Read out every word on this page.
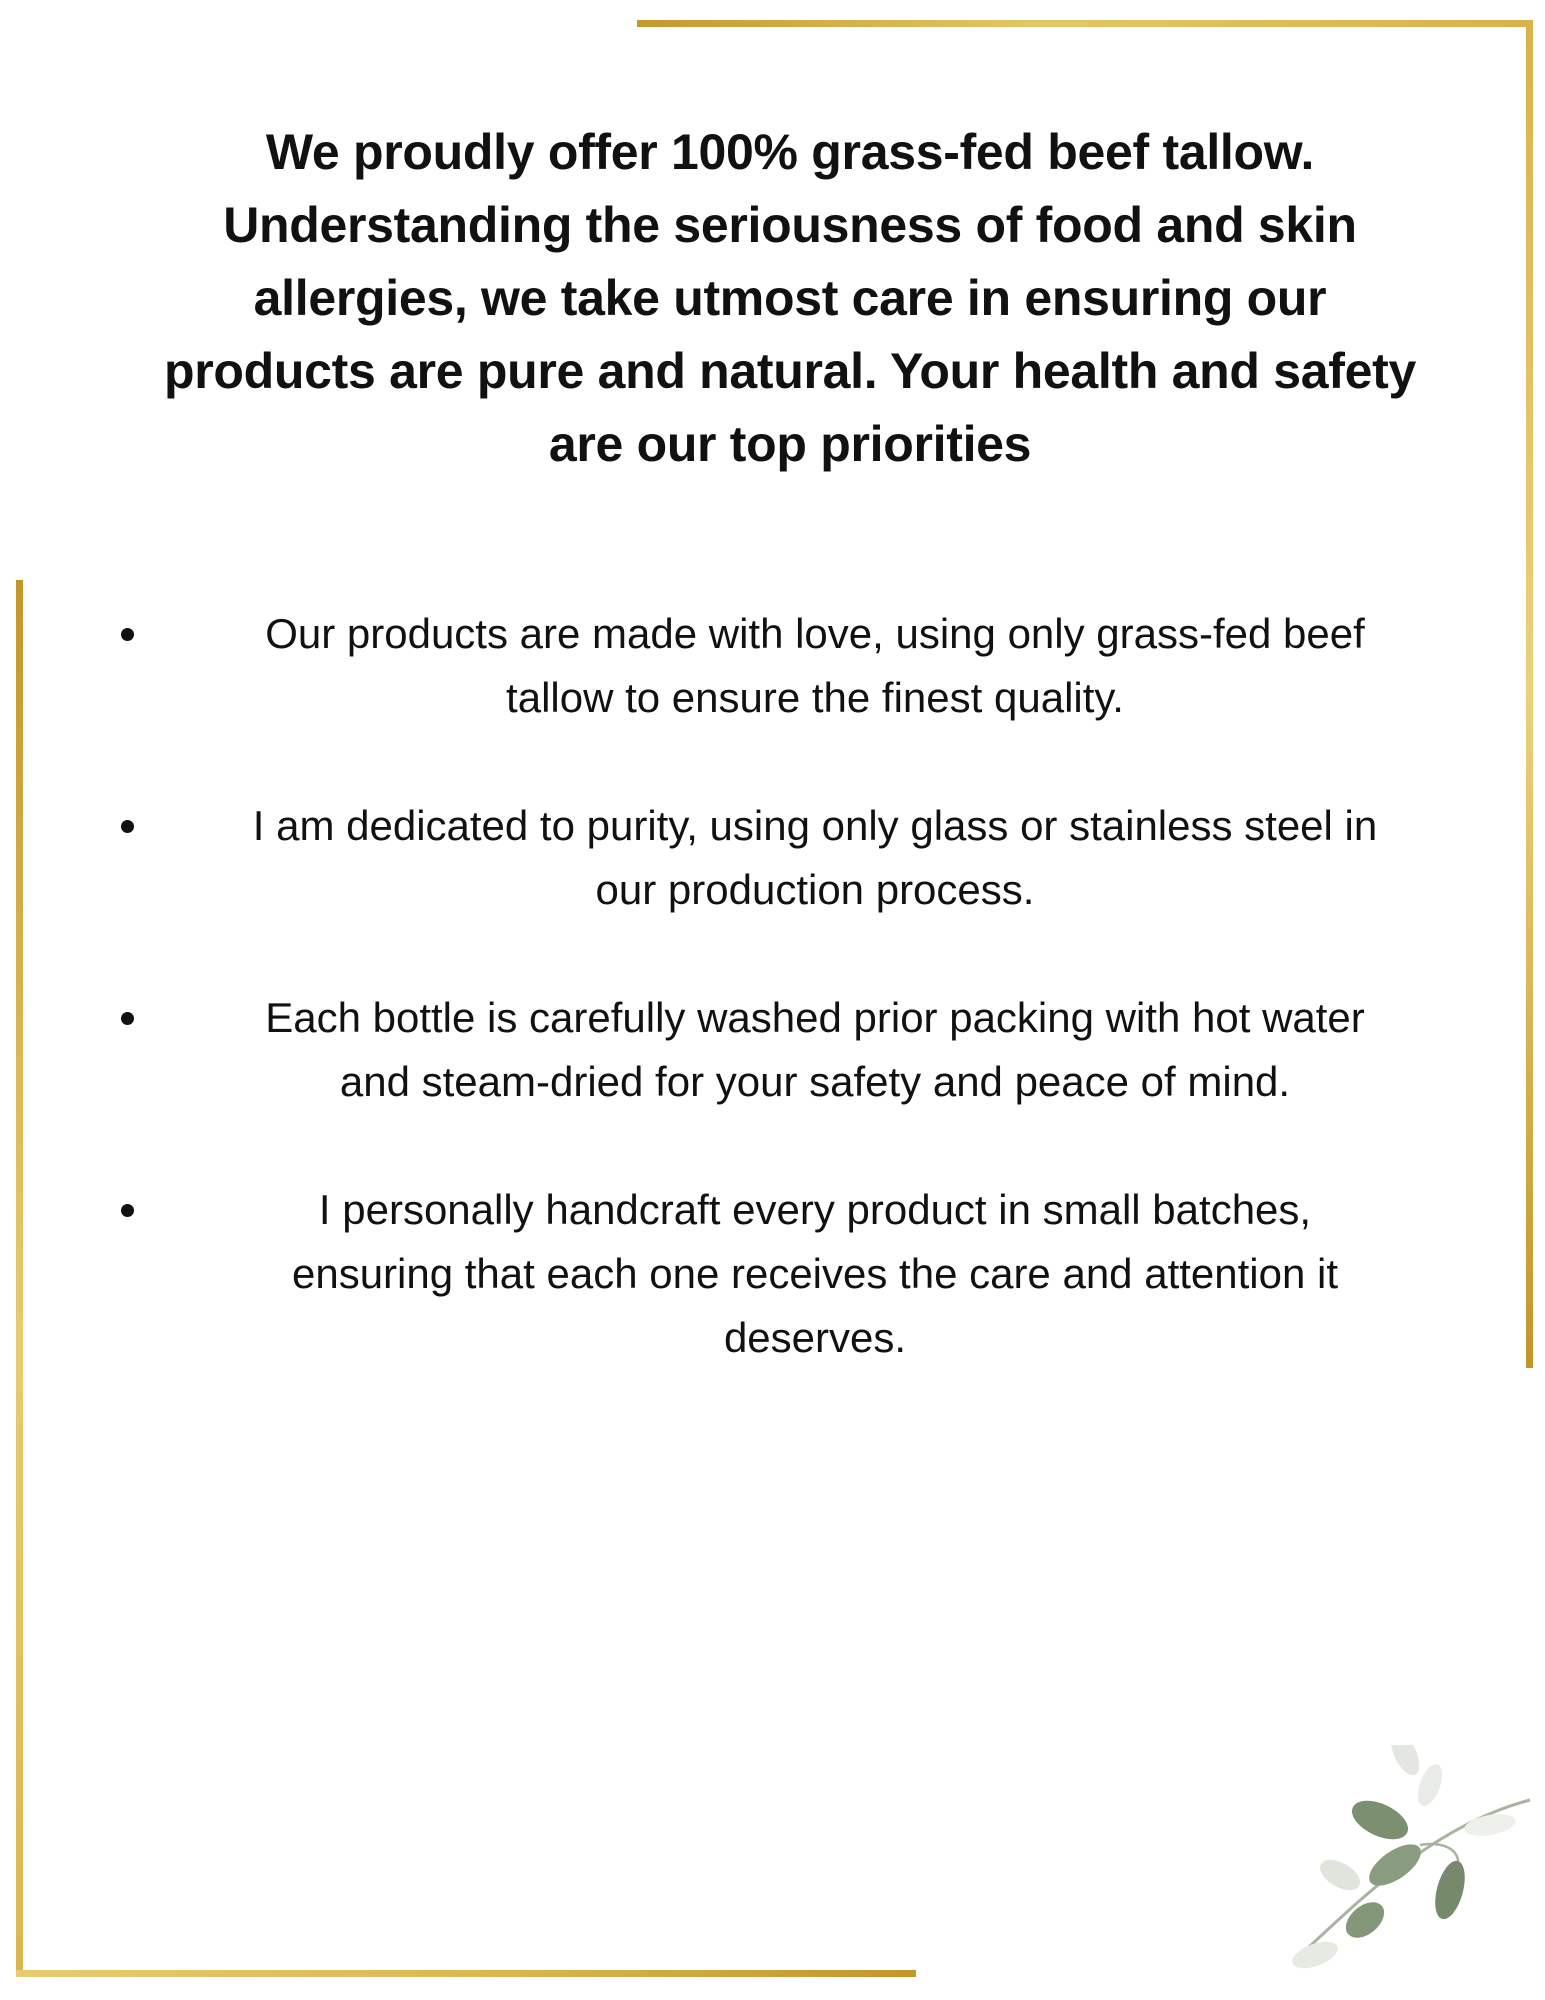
We proudly offer 100% grass-fed beef tallow.
Understanding the seriousness of food and skin
allergies, we take utmost care in ensuring our
products are pure and natural. Your health and safety
are our top priorities
Our products are made with love, using only grass-fed beef
tallow to ensure the finest quality.
I am dedicated to purity, using only glass or stainless steel in
our production process.
Each bottle is carefully washed prior packing with hot water
and steam-dried for your safety and peace of mind.
I personally handcraft every product in small batches,
ensuring that each one receives the care and attention it
deserves.
